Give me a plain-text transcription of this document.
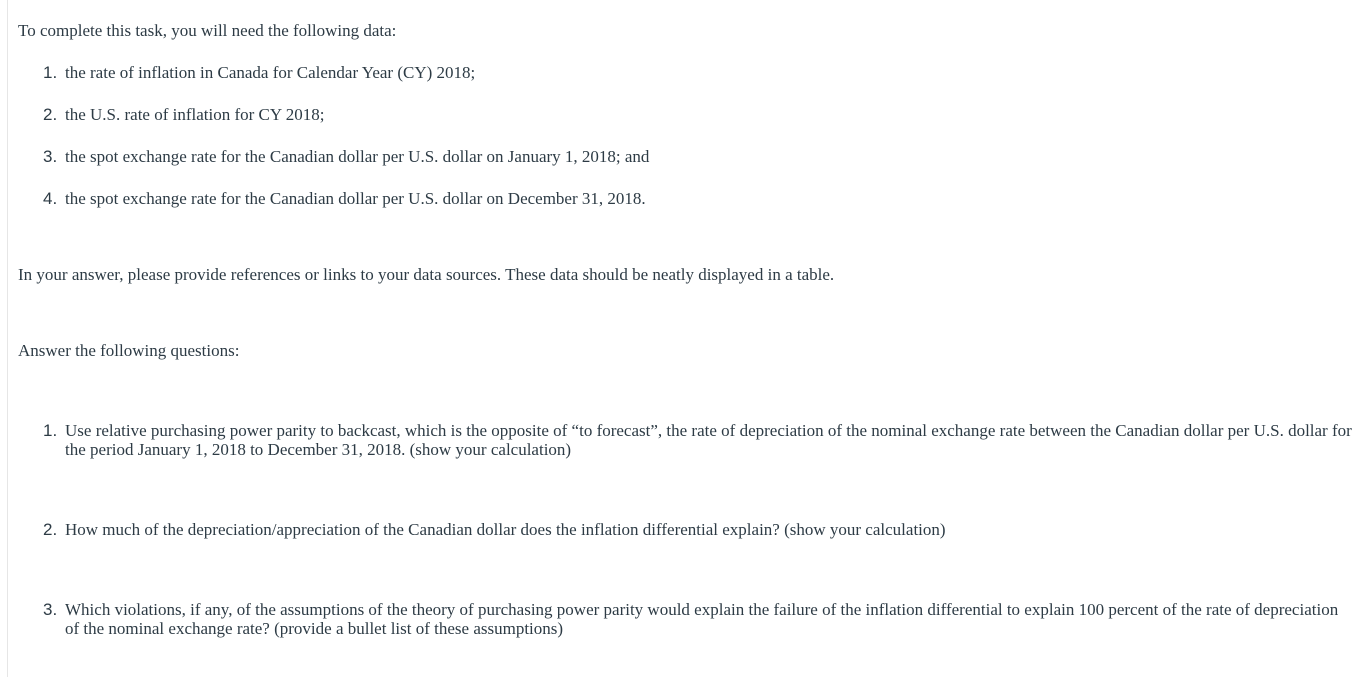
To complete this task, you will need the following data:

1. the rate of inflation in Canada for Calendar Year (CY) 2018;
2. the U.S. rate of inflation for CY 2018;
3. the spot exchange rate for the Canadian dollar per U.S. dollar on January 1, 2018; and
4. the spot exchange rate for the Canadian dollar per U.S. dollar on December 31, 2018.

In your answer, please provide references or links to your data sources. These data should be neatly displayed in a table.

Answer the following questions:

1. Use relative purchasing power parity to backcast, which is the opposite of “to forecast”, the rate of depreciation of the nominal exchange rate between the Canadian dollar per U.S. dollar for the period January 1, 2018 to December 31, 2018. (show your calculation)
2. How much of the depreciation/appreciation of the Canadian dollar does the inflation differential explain? (show your calculation)
3. Which violations, if any, of the assumptions of the theory of purchasing power parity would explain the failure of the inflation differential to explain 100 percent of the rate of depreciation of the nominal exchange rate? (provide a bullet list of these assumptions)
